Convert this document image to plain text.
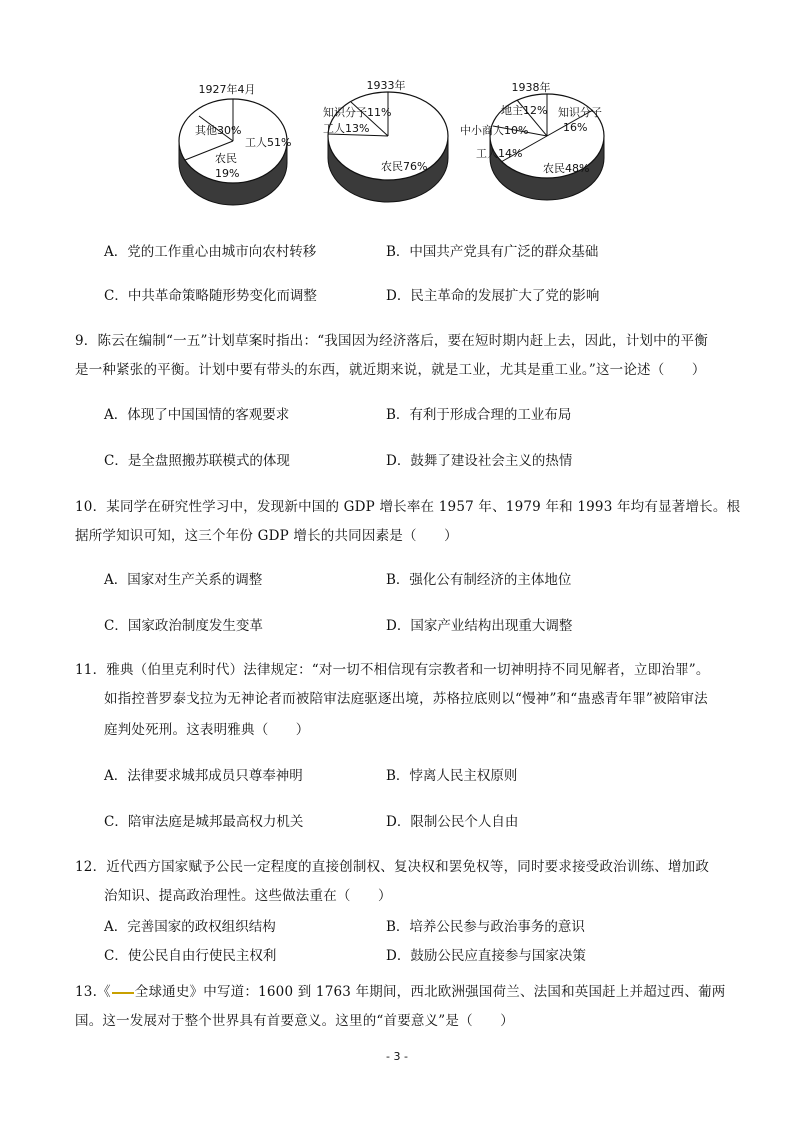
1927年4月
工人51%
其他30%
农民
19%
1933年
知识分子11%
工人13%
农民76%
1938年
地主12% 知识分子
16%
中小商人10%
工人14%
农民48%
A．党的工作重心由城市向农村转移	B．中国共产党具有广泛的群众基础
C．中共革命策略随形势变化而调整	D．民主革命的发展扩大了党的影响
9．陈云在编制“一五”计划草案时指出：“我国因为经济落后，要在短时期内赶上去，因此，计划中的平衡
是一种紧张的平衡。计划中要有带头的东西，就近期来说，就是工业，尤其是重工业。”这一论述（　　）
A．体现了中国国情的客观要求	B．有利于形成合理的工业布局
C．是全盘照搬苏联模式的体现	D．鼓舞了建设社会主义的热情
10．某同学在研究性学习中，发现新中国的 GDP 增长率在 1957 年、1979 年和 1993 年均有显著增长。根
据所学知识可知，这三个年份 GDP 增长的共同因素是（　　）
A．国家对生产关系的调整	B．强化公有制经济的主体地位
C．国家政治制度发生变革	D．国家产业结构出现重大调整
11．雅典（伯里克利时代）法律规定：“对一切不相信现有宗教者和一切神明持不同见解者，立即治罪”。
如指控普罗泰戈拉为无神论者而被陪审法庭驱逐出境，苏格拉底则以“慢神”和“蛊惑青年罪”被陪审法
庭判处死刑。这表明雅典（　　）
A．法律要求城邦成员只尊奉神明	B．悖离人民主权原则
C．陪审法庭是城邦最高权力机关	D．限制公民个人自由
12．近代西方国家赋予公民一定程度的直接创制权、复决权和罢免权等，同时要求接受政治训练、增加政
治知识、提高政治理性。这些做法重在（　　）
A．完善国家的政权组织结构	B．培养公民参与政治事务的意识
C．使公民自由行使民主权利	D．鼓励公民应直接参与国家决策
13.《 全球通史》中写道：1600 到 1763 年期间，西北欧洲强国荷兰、法国和英国赶上并超过西、葡两
国。这一发展对于整个世界具有首要意义。这里的“首要意义”是（　　）
- 3 -
